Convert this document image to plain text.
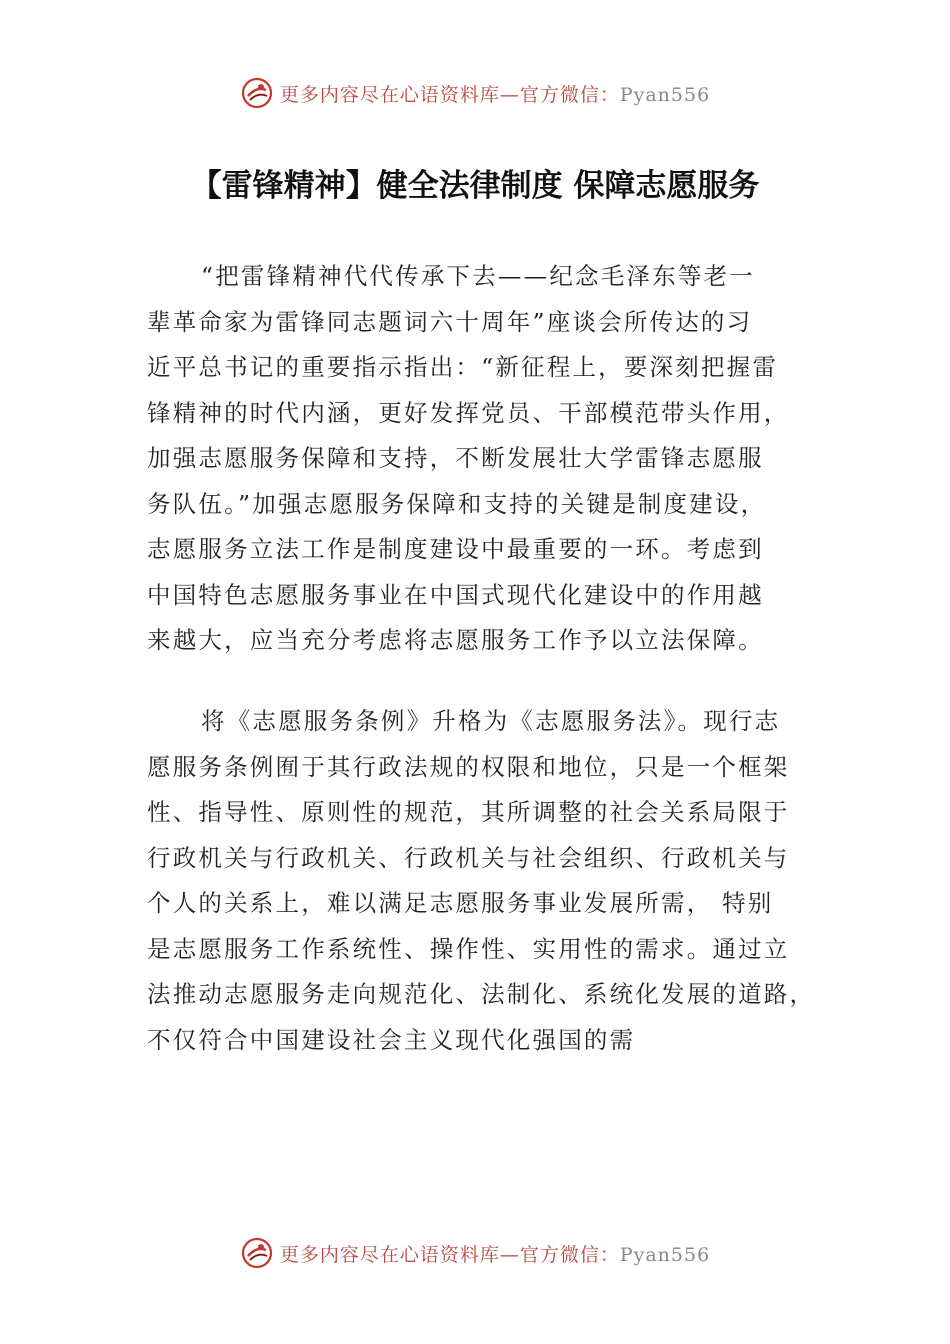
更多内容尽在心语资料库—官方微信：Pyan556
【雷锋精神】健全法律制度 保障志愿服务
“把雷锋精神代代传承下去——纪念毛泽东等老一
辈革命家为雷锋同志题词六十周年”座谈会所传达的习
近平总书记的重要指示指出：“新征程上，要深刻把握雷
锋精神的时代内涵，更好发挥党员、干部模范带头作用，
加强志愿服务保障和支持，不断发展壮大学雷锋志愿服
务队伍。”加强志愿服务保障和支持的关键是制度建设，
志愿服务立法工作是制度建设中最重要的一环。考虑到
中国特色志愿服务事业在中国式现代化建设中的作用越
来越大，应当充分考虑将志愿服务工作予以立法保障。
将《志愿服务条例》升格为《志愿服务法》。现行志
愿服务条例囿于其行政法规的权限和地位，只是一个框架
性、指导性、原则性的规范，其所调整的社会关系局限于
行政机关与行政机关、行政机关与社会组织、行政机关与
个人的关系上，难以满足志愿服务事业发展所需， 特别
是志愿服务工作系统性、操作性、实用性的需求。通过立
法推动志愿服务走向规范化、法制化、系统化发展的道路，
不仅符合中国建设社会主义现代化强国的需
更多内容尽在心语资料库—官方微信：Pyan556
